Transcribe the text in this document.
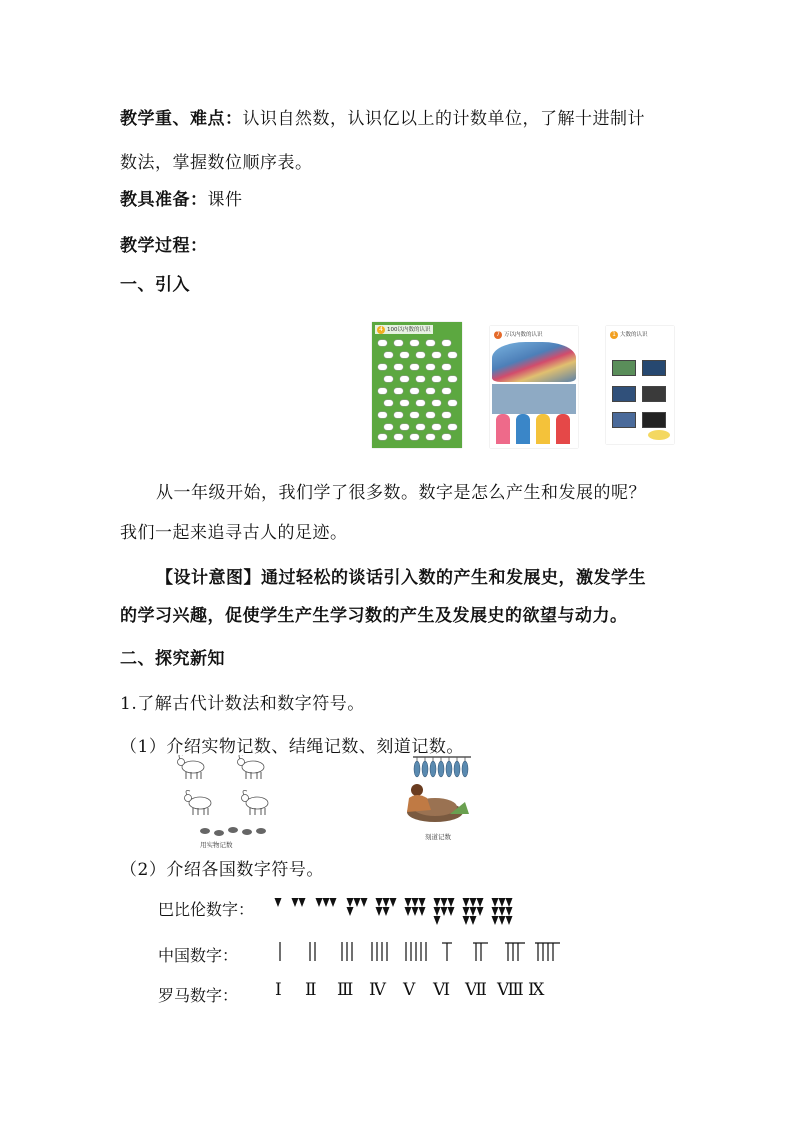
教学重、难点：认识自然数，认识亿以上的计数单位，了解十进制计
数法，掌握数位顺序表。
教具准备：课件
教学过程：
一、引入
4 100以内数的认识
7 万以内数的认识	1 大数的认识
从一年级开始，我们学了很多数。数字是怎么产生和发展的呢？
我们一起来追寻古人的足迹。
【设计意图】通过轻松的谈话引入数的产生和发展史，激发学生
的学习兴趣，促使学生产生学习数的产生及发展史的欲望与动力。
二、探究新知
1.了解古代计数法和数字符号。
（1）介绍实物记数、结绳记数、刻道记数。
用实物记数
刻道记数
（2）介绍各国数字符号。
巴比伦数字：
中国数字：
罗马数字： Ⅰ Ⅱ Ⅲ Ⅳ Ⅴ Ⅵ Ⅶ Ⅷ Ⅸ
